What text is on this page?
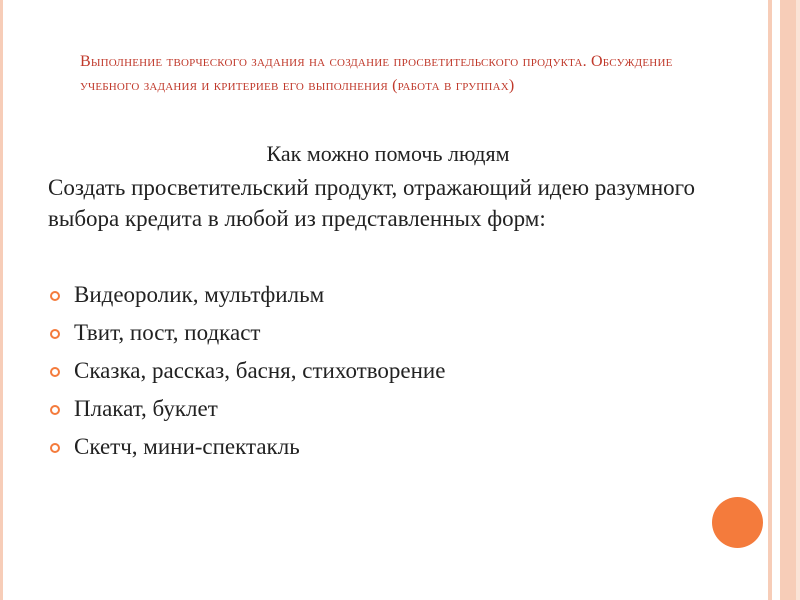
Выполнение творческого задания на создание просветительского продукта. Обсуждение учебного задания и критериев его выполнения (работа в группах)
Как можно помочь людям
Создать просветительский продукт, отражающий идею разумного выбора кредита в любой из представленных форм:
Видеоролик, мультфильм
Твит, пост, подкаст
Сказка, рассказ, басня, стихотворение
Плакат, буклет
Скетч, мини-спектакль
